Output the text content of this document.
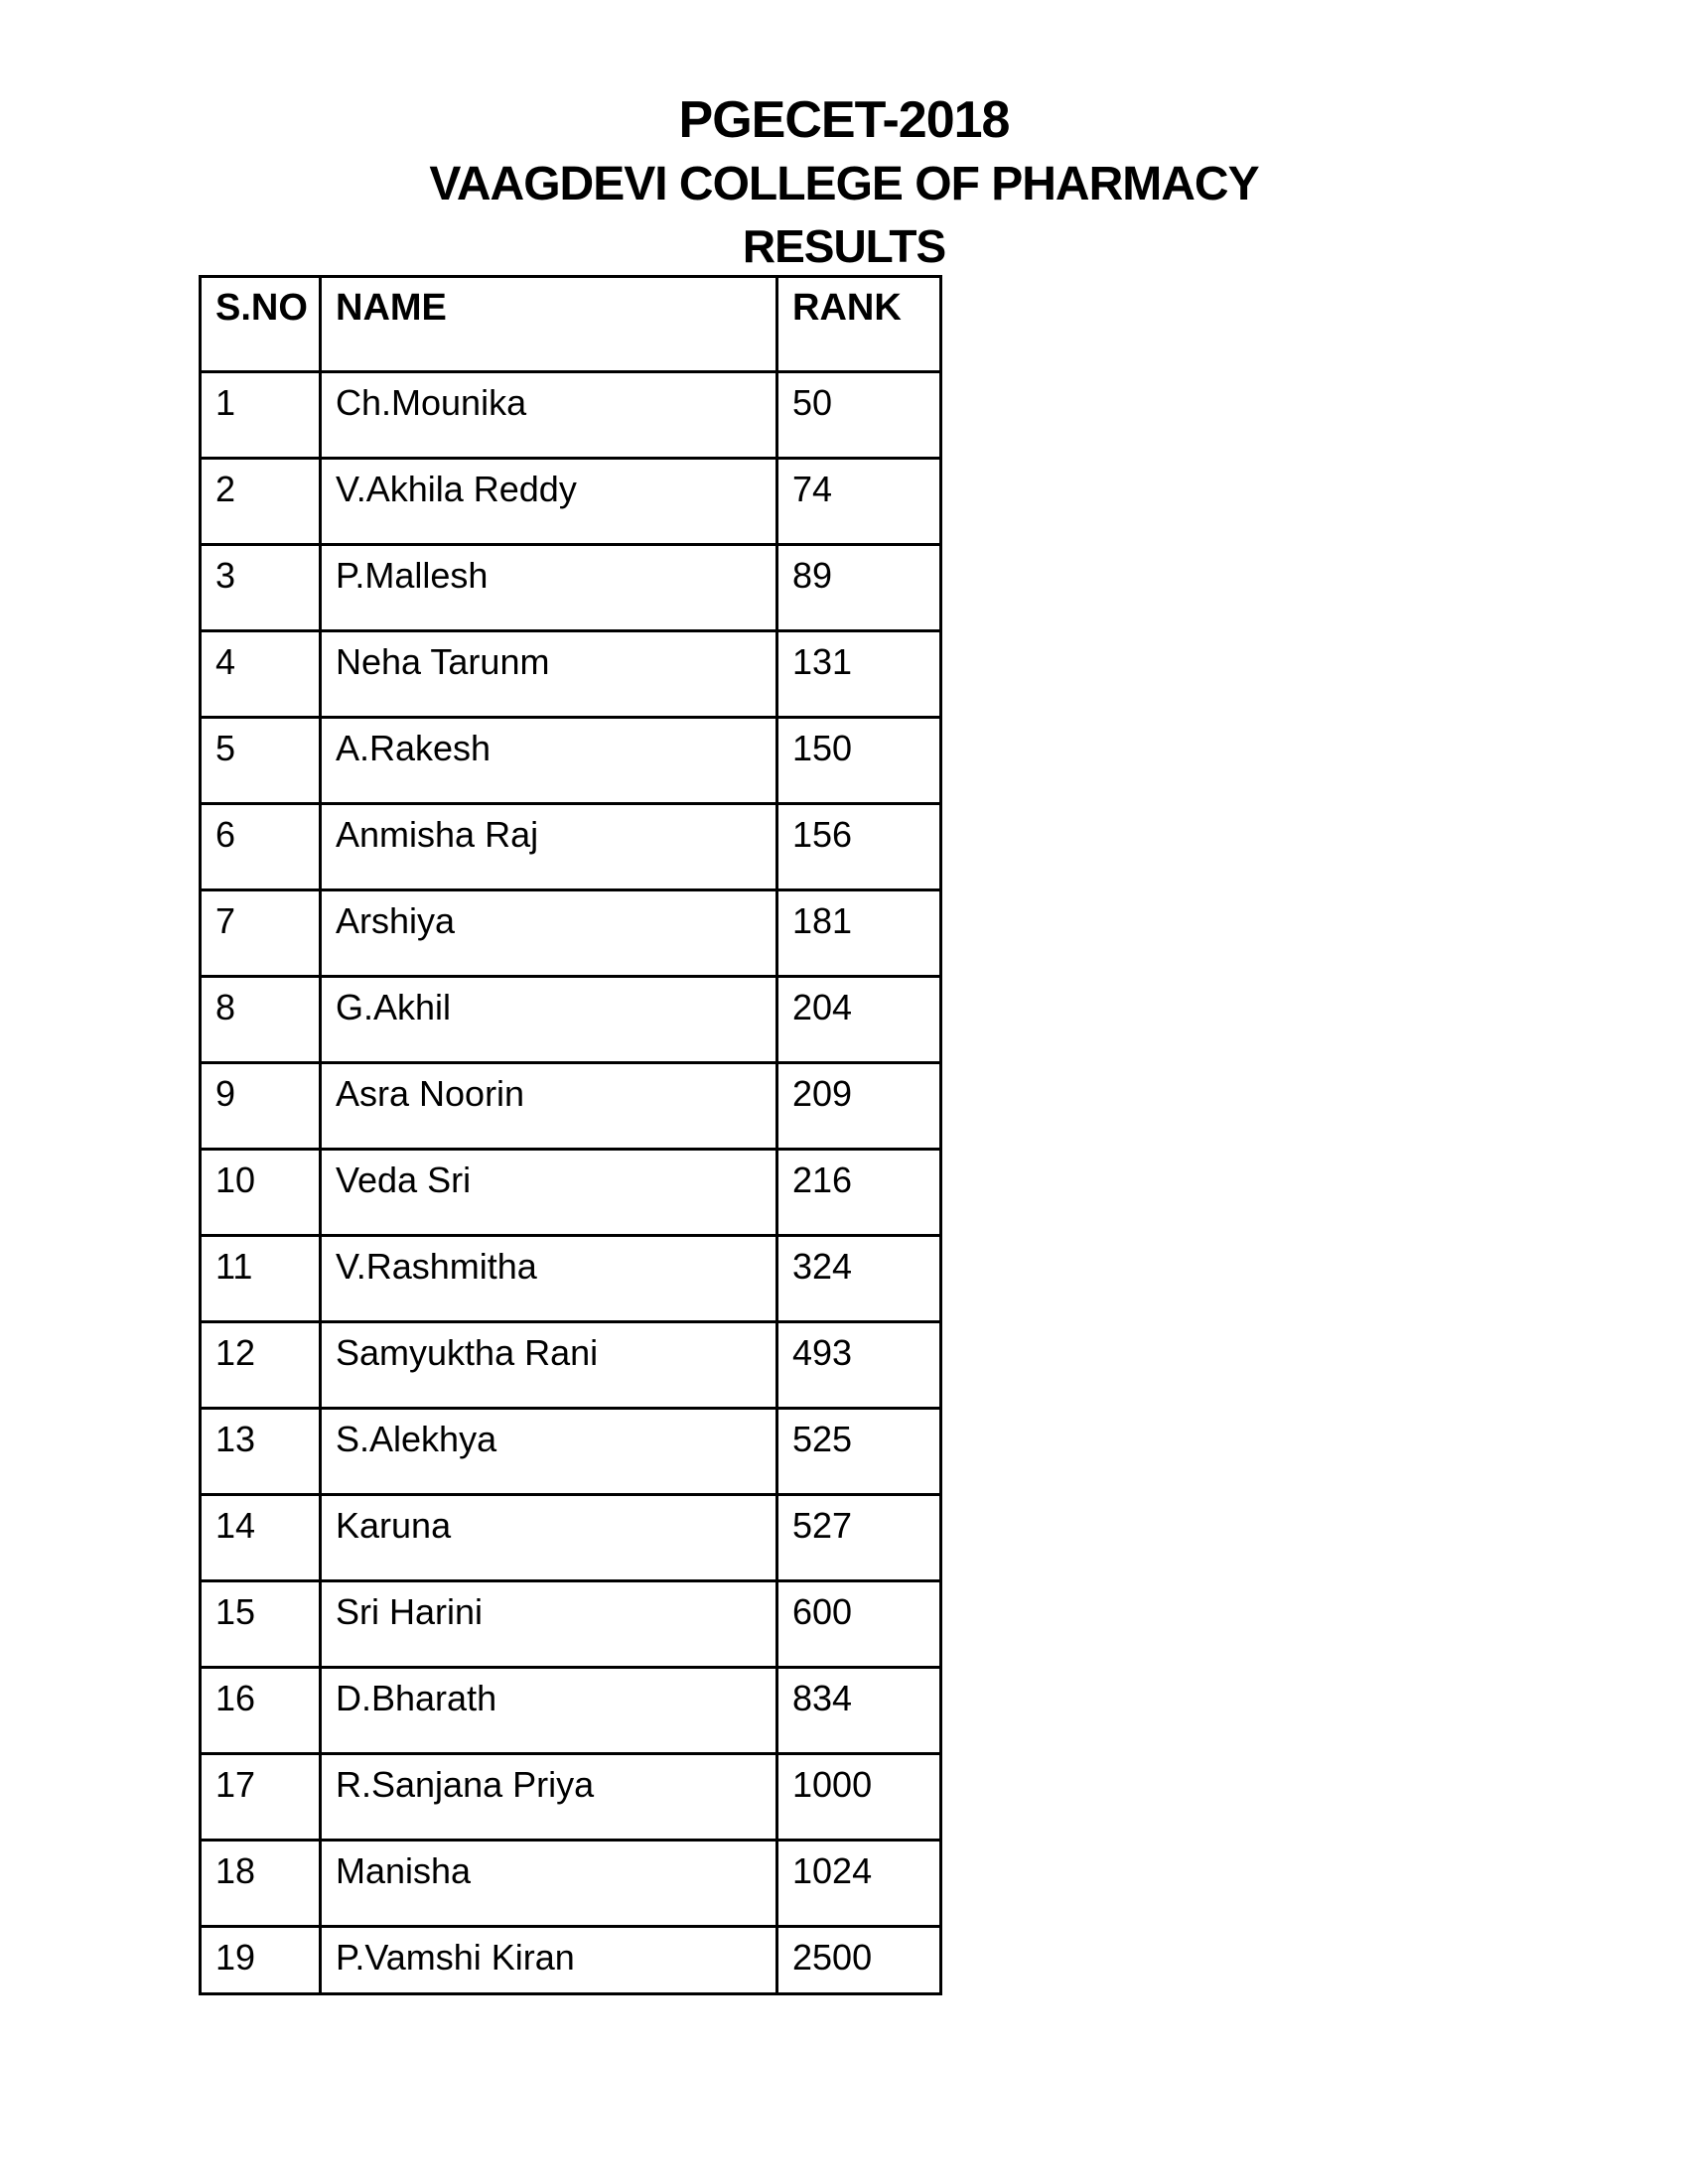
PGECET-2018
VAAGDEVI COLLEGE OF PHARMACY
RESULTS
S.NO	NAME	RANK
1	Ch.Mounika	50
2	V.Akhila Reddy	74
3	P.Mallesh	89
4	Neha Tarunm	131
5	A.Rakesh	150
6	Anmisha Raj	156
7	Arshiya	181
8	G.Akhil	204
9	Asra Noorin	209
10	Veda Sri	216
11	V.Rashmitha	324
12	Samyuktha Rani	493
13	S.Alekhya	525
14	Karuna	527
15	Sri Harini	600
16	D.Bharath	834
17	R.Sanjana Priya	1000
18	Manisha	1024
19	P.Vamshi Kiran	2500
